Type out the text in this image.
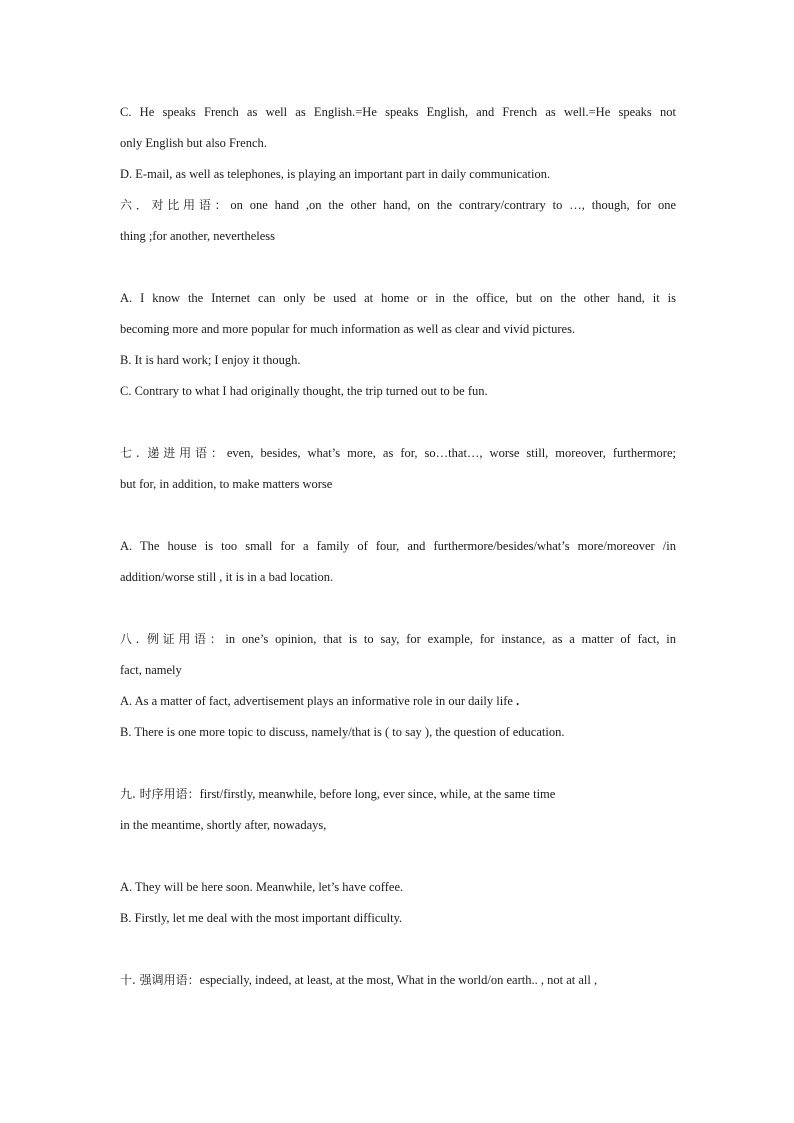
C. He speaks French as well as English.=He speaks English, and French as well.=He speaks not
only English but also French.
D. E-mail, as well as telephones, is playing an important part in daily communication.
六．对比用语：on one hand ,on the other hand, on the contrary/contrary to …, though, for one
thing ;for another, nevertheless
A. I know the Internet can only be used at home or in the office, but on the other hand, it is
becoming more and more popular for much information as well as clear and vivid pictures.
B. It is hard work; I enjoy it though.
C. Contrary to what I had originally thought, the trip turned out to be fun.
七. 递进用语：even, besides, what’s more, as for, so…that…, worse still, moreover, furthermore;
but for, in addition, to make matters worse
A. The house is too small for a family of four, and furthermore/besides/what’s more/moreover /in
addition/worse still , it is in a bad location.
八. 例证用语：in one’s opinion, that is to say, for example, for instance, as a matter of fact, in
fact, namely
A. As a matter of fact, advertisement plays an informative role in our daily life .
B. There is one more topic to discuss, namely/that is ( to say ), the question of education.
九. 时序用语：first/firstly, meanwhile, before long, ever since, while, at the same time
in the meantime, shortly after, nowadays,
A. They will be here soon. Meanwhile, let’s have coffee.
B. Firstly, let me deal with the most important difficulty.
十. 强调用语：especially, indeed, at least, at the most, What in the world/on earth.. , not at all ,
